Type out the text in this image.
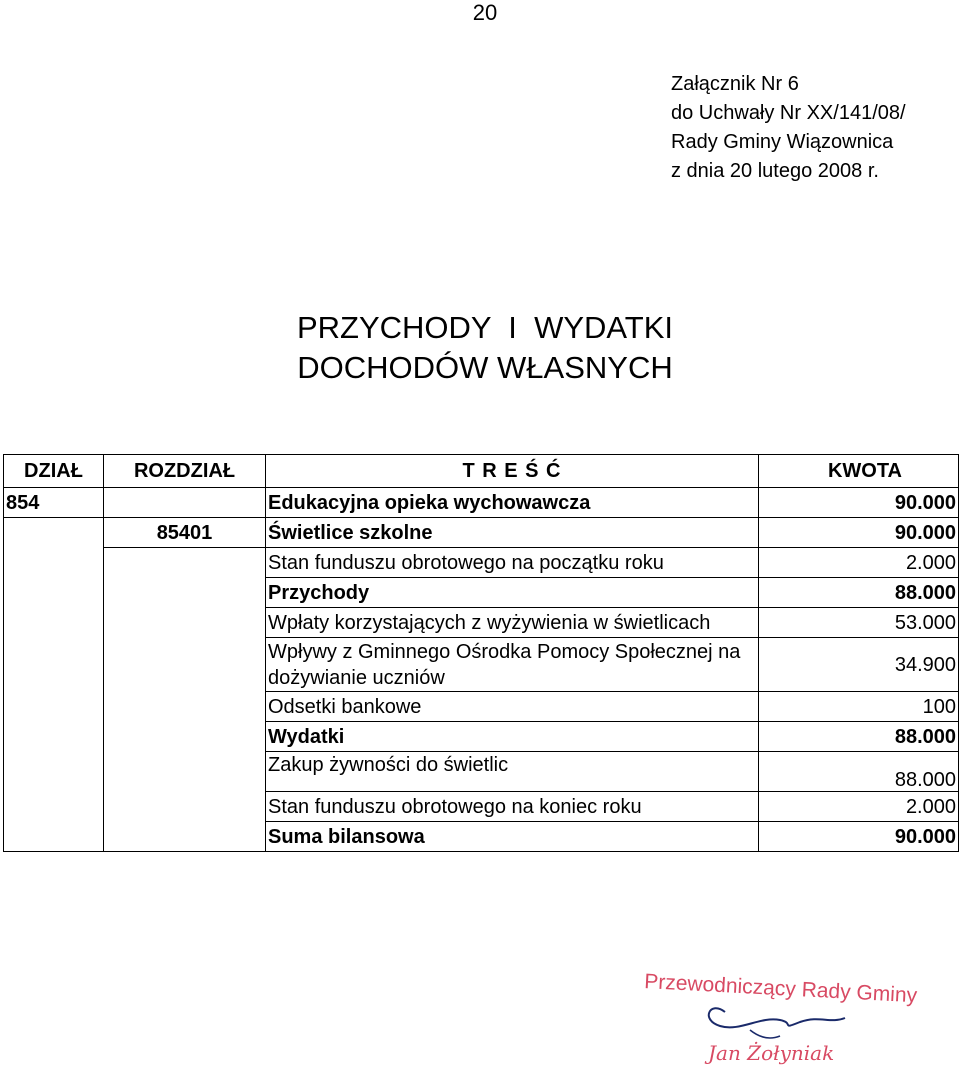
20
Załącznik Nr 6
do Uchwały Nr XX/141/08/
Rady Gminy Wiązownica
z dnia 20 lutego 2008 r.
PRZYCHODY  I  WYDATKI
DOCHODÓW WŁASNYCH
DZIAŁ	ROZDZIAŁ	T R E Ś Ć	KWOTA
854		Edukacyjna opieka wychowawcza	90.000
	85401	Świetlice szkolne	90.000
		Stan funduszu obrotowego na początku roku	2.000
		Przychody	88.000
		Wpłaty korzystających z wyżywienia w świetlicach	53.000
		Wpływy z Gminnego Ośrodka Pomocy Społecznej na dożywianie uczniów	34.900
		Odsetki bankowe	100
		Wydatki	88.000
		Zakup żywności do świetlic	88.000
		Stan funduszu obrotowego na koniec roku	2.000
		Suma bilansowa	90.000
Przewodniczący Rady Gminy
Jan Żołyniak
